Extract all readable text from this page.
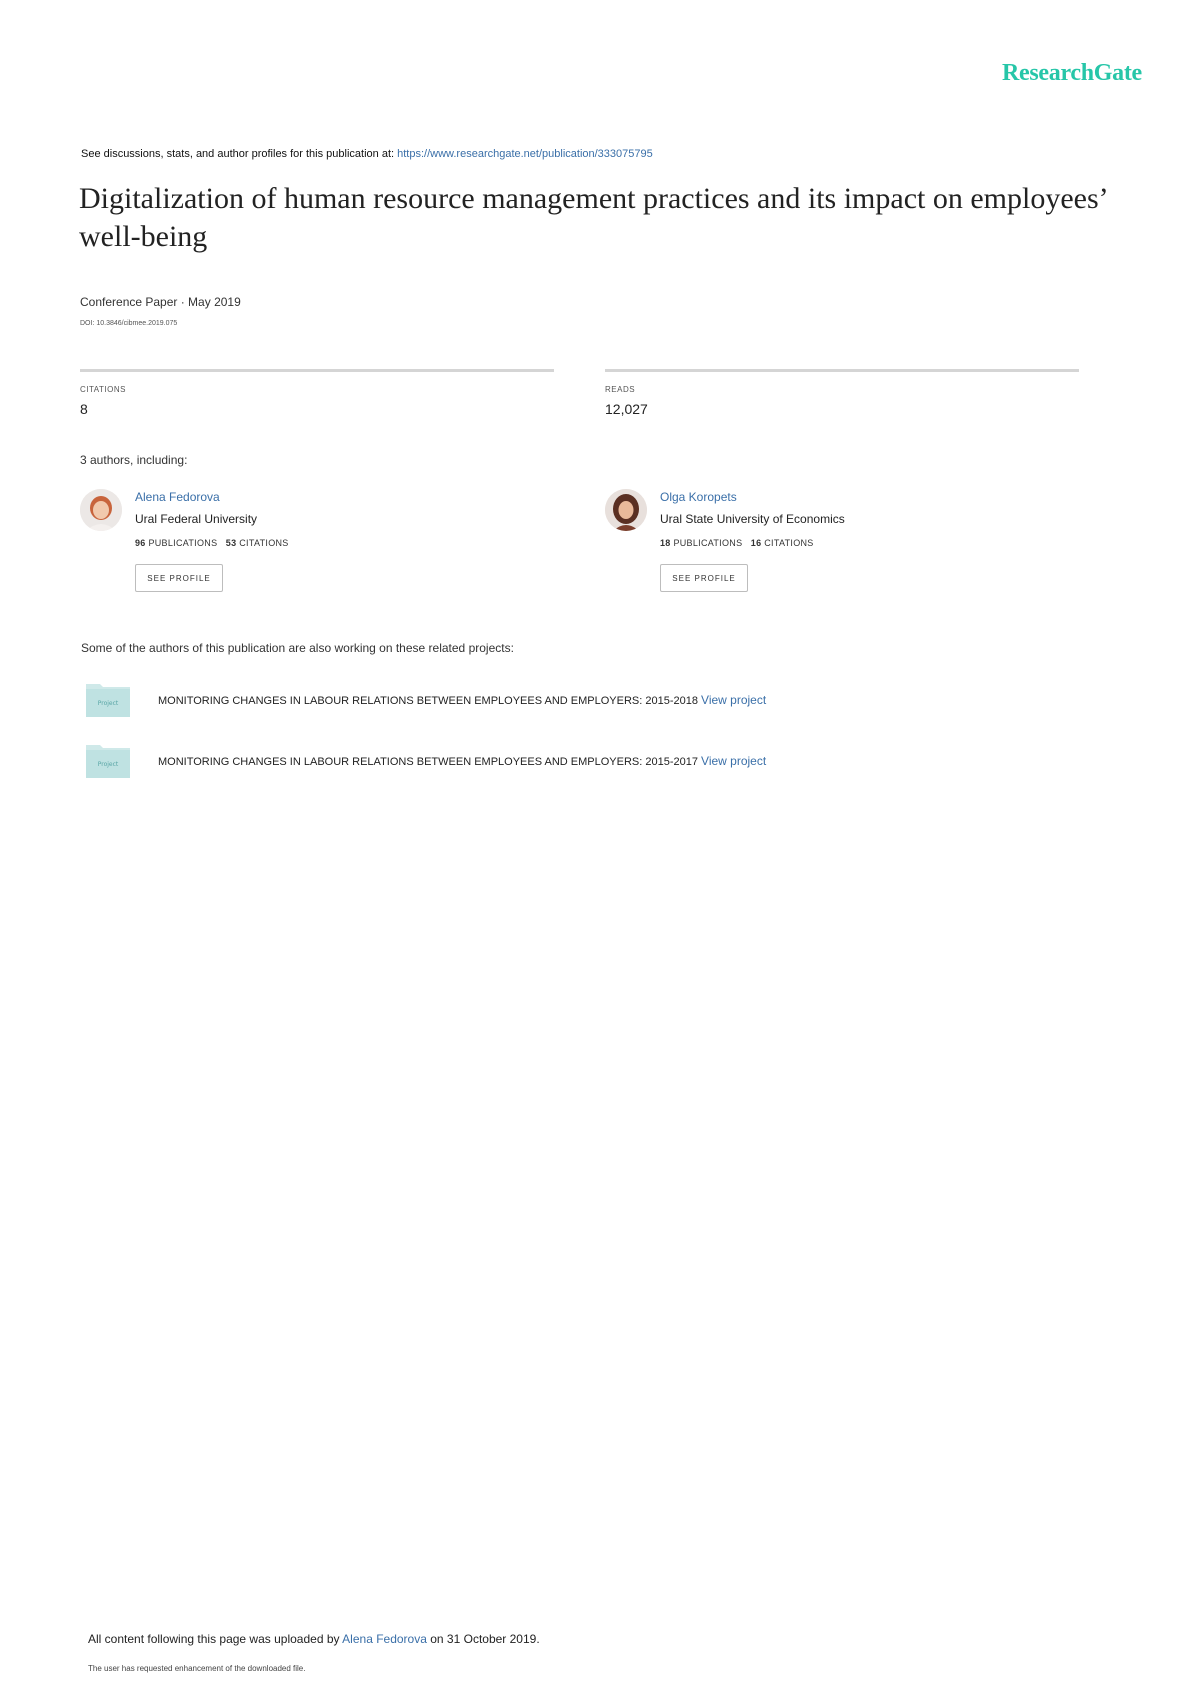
ResearchGate
See discussions, stats, and author profiles for this publication at: https://www.researchgate.net/publication/333075795
Digitalization of human resource management practices and its impact on employees’ well-being
Conference Paper · May 2019
DOI: 10.3846/cibmee.2019.075
CITATIONS
8
READS
12,027
3 authors, including:
Alena Fedorova
Ural Federal University
96 PUBLICATIONS 53 CITATIONS
SEE PROFILE
Olga Koropets
Ural State University of Economics
18 PUBLICATIONS 16 CITATIONS
SEE PROFILE
Some of the authors of this publication are also working on these related projects:
Project	MONITORING CHANGES IN LABOUR RELATIONS BETWEEN EMPLOYEES AND EMPLOYERS: 2015-2018 View project
Project	MONITORING CHANGES IN LABOUR RELATIONS BETWEEN EMPLOYEES AND EMPLOYERS: 2015-2017 View project
All content following this page was uploaded by Alena Fedorova on 31 October 2019.
The user has requested enhancement of the downloaded file.
